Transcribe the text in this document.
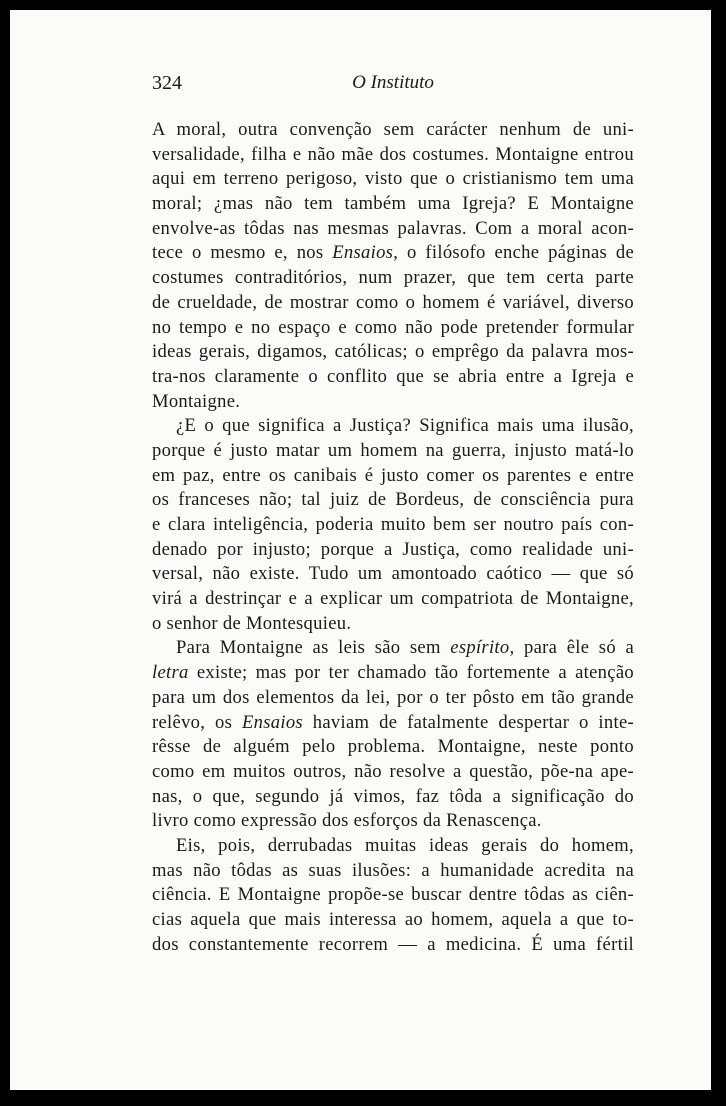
324	O Instituto

A moral, outra convenção sem carácter nenhum de uni-
versalidade, filha e não mãe dos costumes. Montaigne entrou
aqui em terreno perigoso, visto que o cristianismo tem uma
moral; ¿mas não tem também uma Igreja? E Montaigne
envolve-as tôdas nas mesmas palavras. Com a moral acon-
tece o mesmo e, nos Ensaios, o filósofo enche páginas de
costumes contraditórios, num prazer, que tem certa parte
de crueldade, de mostrar como o homem é variável, diverso
no tempo e no espaço e como não pode pretender formular
ideas gerais, digamos, católicas; o emprêgo da palavra mos-
tra-nos claramente o conflito que se abria entre a Igreja e
Montaigne.

¿E o que significa a Justiça? Significa mais uma ilusão,
porque é justo matar um homem na guerra, injusto matá-lo
em paz, entre os canibais é justo comer os parentes e entre
os franceses não; tal juiz de Bordeus, de consciência pura
e clara inteligência, poderia muito bem ser noutro país con-
denado por injusto; porque a Justiça, como realidade uni-
versal, não existe. Tudo um amontoado caótico — que só
virá a destrinçar e a explicar um compatriota de Montaigne,
o senhor de Montesquieu.

Para Montaigne as leis são sem espírito, para êle só a
letra existe; mas por ter chamado tão fortemente a atenção
para um dos elementos da lei, por o ter pôsto em tão grande
relêvo, os Ensaios haviam de fatalmente despertar o inte-
rêsse de alguém pelo problema. Montaigne, neste ponto
como em muitos outros, não resolve a questão, põe-na ape-
nas, o que, segundo já vimos, faz tôda a significação do
livro como expressão dos esforços da Renascença.

Eis, pois, derrubadas muitas ideas gerais do homem,
mas não tôdas as suas ilusões: a humanidade acredita na
ciência. E Montaigne propõe-se buscar dentre tôdas as ciên-
cias aquela que mais interessa ao homem, aquela a que to-
dos constantemente recorrem — a medicina. É uma fértil
